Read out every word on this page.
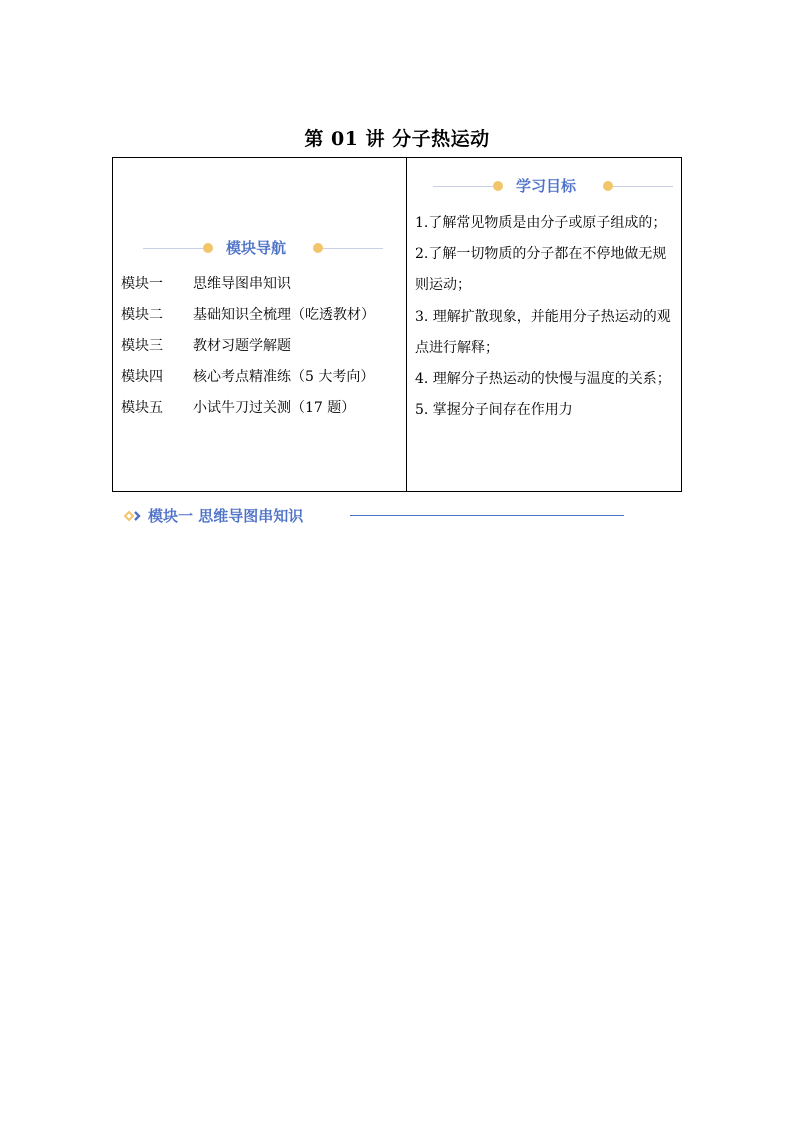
第 01 讲 分子热运动
模块导航
模块一 思维导图串知识
模块二 基础知识全梳理（吃透教材）
模块三 教材习题学解题
模块四 核心考点精准练（5 大考向）
模块五 小试牛刀过关测（17 题）
学习目标
1.了解常见物质是由分子或原子组成的；
2.了解一切物质的分子都在不停地做无规则运动；
3. 理解扩散现象，并能用分子热运动的观点进行解释；
4. 理解分子热运动的快慢与温度的关系；
5. 掌握分子间存在作用力
模块一 思维导图串知识
